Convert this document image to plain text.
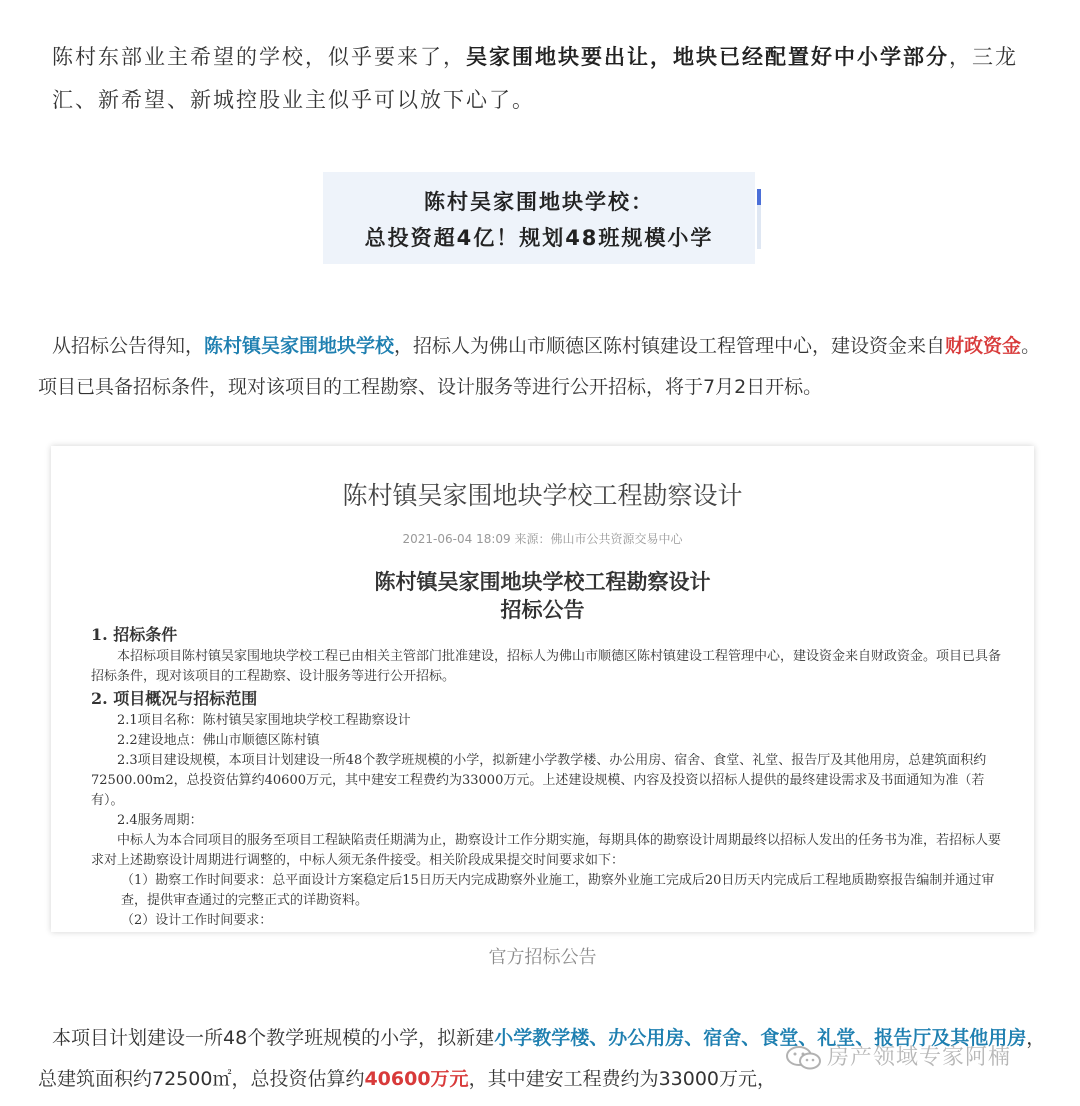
陈村东部业主希望的学校，似乎要来了，吴家围地块要出让，地块已经配置好中小学部分，三龙汇、新希望、新城控股业主似乎可以放下心了。
陈村吴家围地块学校：
总投资超4亿！规划48班规模小学
从招标公告得知，陈村镇吴家围地块学校，招标人为佛山市顺德区陈村镇建设工程管理中心，建设资金来自财政资金。项目已具备招标条件，现对该项目的工程勘察、设计服务等进行公开招标，将于7月2日开标。
陈村镇吴家围地块学校工程勘察设计
2021-06-04 18:09 来源：佛山市公共资源交易中心
陈村镇吴家围地块学校工程勘察设计
招标公告
1. 招标条件
本招标项目陈村镇吴家围地块学校工程已由相关主管部门批准建设，招标人为佛山市顺德区陈村镇建设工程管理中心，建设资金来自财政资金。项目已具备招标条件，现对该项目的工程勘察、设计服务等进行公开招标。
2. 项目概况与招标范围
2.1项目名称：陈村镇吴家围地块学校工程勘察设计
2.2建设地点：佛山市顺德区陈村镇
2.3项目建设规模，本项目计划建设一所48个教学班规模的小学，拟新建小学教学楼、办公用房、宿舍、食堂、礼堂、报告厅及其他用房，总建筑面积约72500.00m2，总投资估算约40600万元，其中建安工程费约为33000万元。上述建设规模、内容及投资以招标人提供的最终建设需求及书面通知为准（若有）。
2.4服务周期：
中标人为本合同项目的服务至项目工程缺陷责任期满为止，勘察设计工作分期实施，每期具体的勘察设计周期最终以招标人发出的任务书为准，若招标人要求对上述勘察设计周期进行调整的，中标人须无条件接受。相关阶段成果提交时间要求如下：
（1）勘察工作时间要求：总平面设计方案稳定后15日历天内完成勘察外业施工，勘察外业施工完成后20日历天内完成后工程地质勘察报告编制并通过审查，提供审查通过的完整正式的详勘资料。
（2）设计工作时间要求：
官方招标公告
本项目计划建设一所48个教学班规模的小学，拟新建小学教学楼、办公用房、宿舍、食堂、礼堂、报告厅及其他用房，总建筑面积约72500㎡，总投资估算约40600万元，其中建安工程费约为33000万元，
房产领域专家阿楠
